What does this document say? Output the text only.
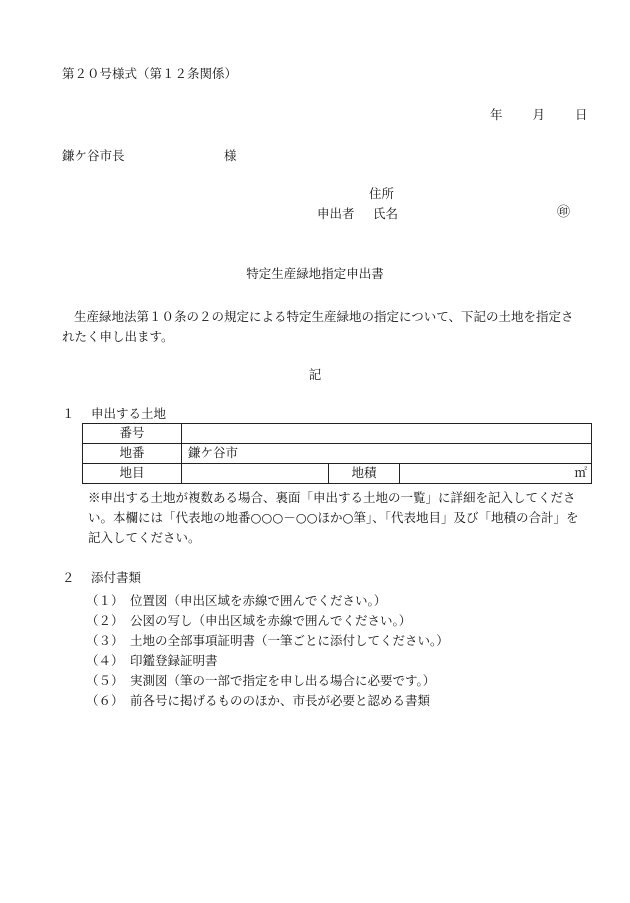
第２０号様式（第１２条関係）
年 月 日
鎌ケ谷市長	様
住所
申出者 氏名	㊞
特定生産緑地指定申出書
生産緑地法第１０条の２の規定による特定生産緑地の指定について、下記の土地を指定されたく申し出ます。
記
１ 申出する土地
番号			
地番	鎌ケ谷市		
地目		地積	㎡
※申出する土地が複数ある場合、裏面「申出する土地の一覧」に詳細を記入してください。本欄には「代表地の地番○○○－○○ほか○筆」、「代表地目」及び「地積の合計」を記入してください。
２ 添付書類
（１） 位置図（申出区域を赤線で囲んでください。）
（２） 公図の写し（申出区域を赤線で囲んでください。）
（３） 土地の全部事項証明書（一筆ごとに添付してください。）
（４） 印鑑登録証明書
（５） 実測図（筆の一部で指定を申し出る場合に必要です。）
（６） 前各号に掲げるもののほか、市長が必要と認める書類
